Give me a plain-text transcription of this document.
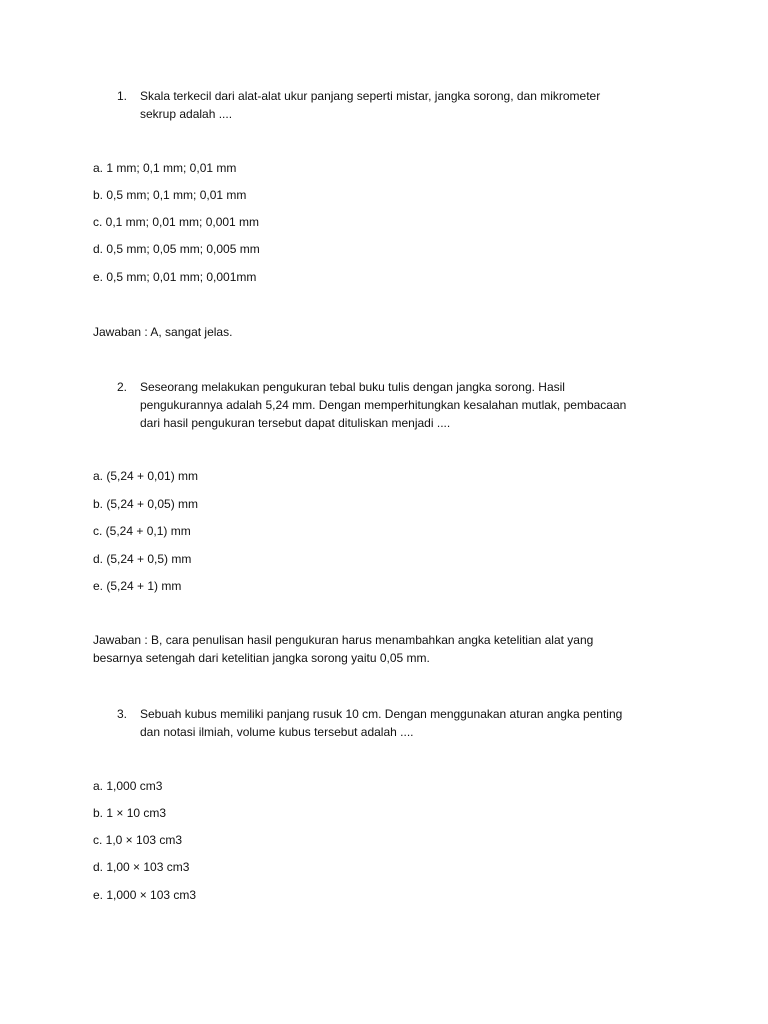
1. Skala terkecil dari alat-alat ukur panjang seperti mistar, jangka sorong, dan mikrometer
sekrup adalah ....
a. 1 mm; 0,1 mm; 0,01 mm
b. 0,5 mm; 0,1 mm; 0,01 mm
c. 0,1 mm; 0,01 mm; 0,001 mm
d. 0,5 mm; 0,05 mm; 0,005 mm
e. 0,5 mm; 0,01 mm; 0,001mm
Jawaban : A, sangat jelas.
2. Seseorang melakukan pengukuran tebal buku tulis dengan jangka sorong. Hasil
pengukurannya adalah 5,24 mm. Dengan memperhitungkan kesalahan mutlak, pembacaan
dari hasil pengukuran tersebut dapat dituliskan menjadi ....
a. (5,24 + 0,01) mm
b. (5,24 + 0,05) mm
c. (5,24 + 0,1) mm
d. (5,24 + 0,5) mm
e. (5,24 + 1) mm
Jawaban : B, cara penulisan hasil pengukuran harus menambahkan angka ketelitian alat yang
besarnya setengah dari ketelitian jangka sorong yaitu 0,05 mm.
3. Sebuah kubus memiliki panjang rusuk 10 cm. Dengan menggunakan aturan angka penting
dan notasi ilmiah, volume kubus tersebut adalah ....
a. 1,000 cm3
b. 1 × 10 cm3
c. 1,0 × 103 cm3
d. 1,00 × 103 cm3
e. 1,000 × 103 cm3
